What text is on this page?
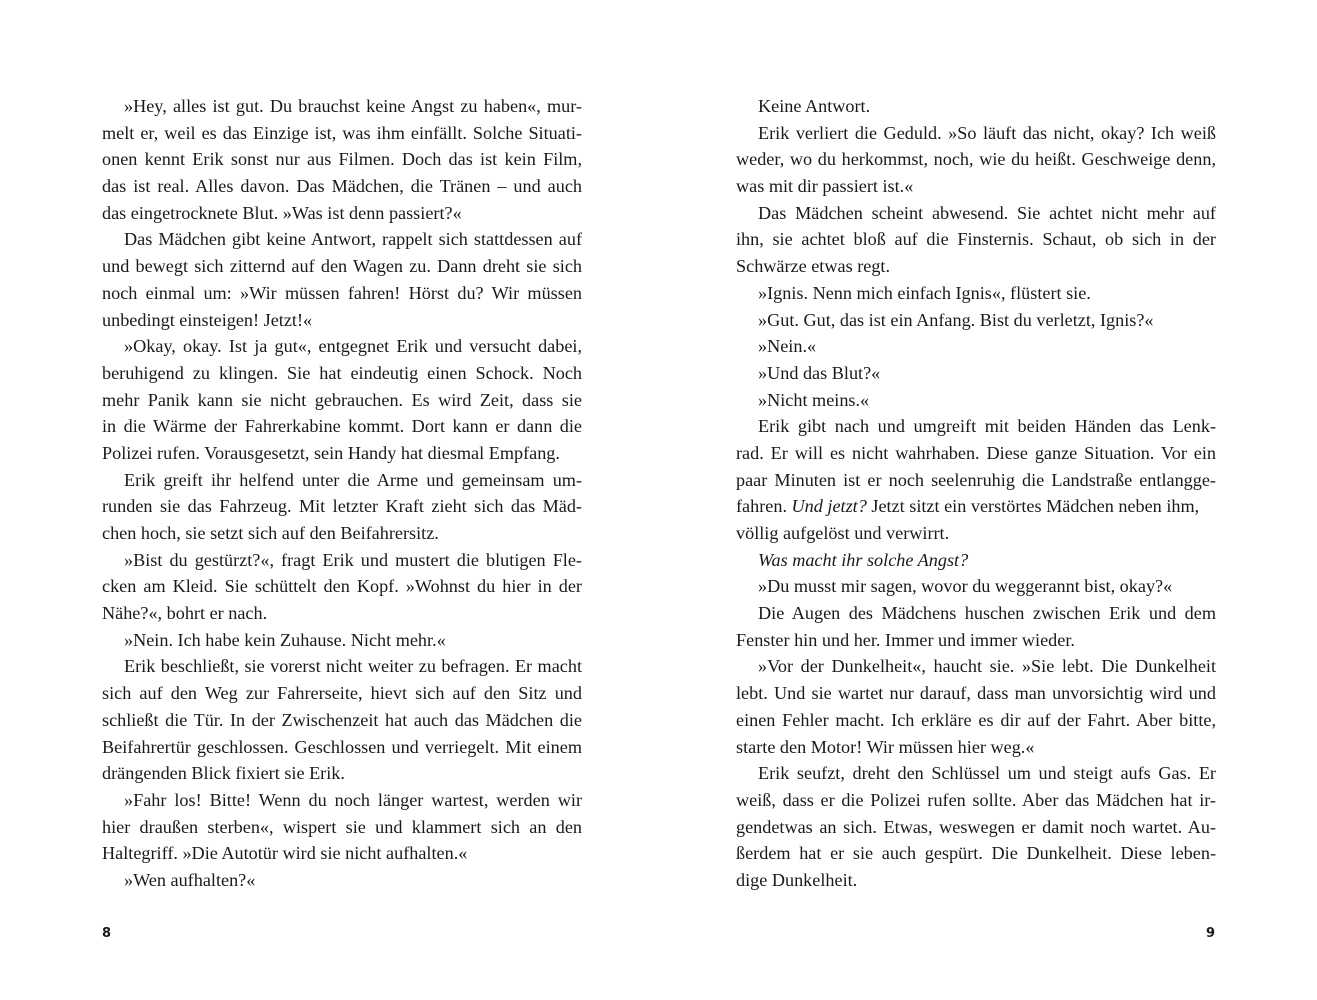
»Hey, alles ist gut. Du brauchst keine Angst zu haben«, mur-
melt er, weil es das Einzige ist, was ihm einfällt. Solche Situati-
onen kennt Erik sonst nur aus Filmen. Doch das ist kein Film,
das ist real. Alles davon. Das Mädchen, die Tränen – und auch
das eingetrocknete Blut. »Was ist denn passiert?«
Das Mädchen gibt keine Antwort, rappelt sich stattdessen auf
und bewegt sich zitternd auf den Wagen zu. Dann dreht sie sich
noch einmal um: »Wir müssen fahren! Hörst du? Wir müssen
unbedingt einsteigen! Jetzt!«
»Okay, okay. Ist ja gut«, entgegnet Erik und versucht dabei,
beruhigend zu klingen. Sie hat eindeutig einen Schock. Noch
mehr Panik kann sie nicht gebrauchen. Es wird Zeit, dass sie
in die Wärme der Fahrerkabine kommt. Dort kann er dann die
Polizei rufen. Vorausgesetzt, sein Handy hat diesmal Empfang.
Erik greift ihr helfend unter die Arme und gemeinsam um-
runden sie das Fahrzeug. Mit letzter Kraft zieht sich das Mäd-
chen hoch, sie setzt sich auf den Beifahrersitz.
»Bist du gestürzt?«, fragt Erik und mustert die blutigen Fle-
cken am Kleid. Sie schüttelt den Kopf. »Wohnst du hier in der
Nähe?«, bohrt er nach.
»Nein. Ich habe kein Zuhause. Nicht mehr.«
Erik beschließt, sie vorerst nicht weiter zu befragen. Er macht
sich auf den Weg zur Fahrerseite, hievt sich auf den Sitz und
schließt die Tür. In der Zwischenzeit hat auch das Mädchen die
Beifahrertür geschlossen. Geschlossen und verriegelt. Mit einem
drängenden Blick fixiert sie Erik.
»Fahr los! Bitte! Wenn du noch länger wartest, werden wir
hier draußen sterben«, wispert sie und klammert sich an den
Haltegriff. »Die Autotür wird sie nicht aufhalten.«
»Wen aufhalten?«
Keine Antwort.
Erik verliert die Geduld. »So läuft das nicht, okay? Ich weiß
weder, wo du herkommst, noch, wie du heißt. Geschweige denn,
was mit dir passiert ist.«
Das Mädchen scheint abwesend. Sie achtet nicht mehr auf
ihn, sie achtet bloß auf die Finsternis. Schaut, ob sich in der
Schwärze etwas regt.
»Ignis. Nenn mich einfach Ignis«, flüstert sie.
»Gut. Gut, das ist ein Anfang. Bist du verletzt, Ignis?«
»Nein.«
»Und das Blut?«
»Nicht meins.«
Erik gibt nach und umgreift mit beiden Händen das Lenk-
rad. Er will es nicht wahrhaben. Diese ganze Situation. Vor ein
paar Minuten ist er noch seelenruhig die Landstraße entlangge-
fahren. Und jetzt? Jetzt sitzt ein verstörtes Mädchen neben ihm,
völlig aufgelöst und verwirrt.
Was macht ihr solche Angst?
»Du musst mir sagen, wovor du weggerannt bist, okay?«
Die Augen des Mädchens huschen zwischen Erik und dem
Fenster hin und her. Immer und immer wieder.
»Vor der Dunkelheit«, haucht sie. »Sie lebt. Die Dunkelheit
lebt. Und sie wartet nur darauf, dass man unvorsichtig wird und
einen Fehler macht. Ich erkläre es dir auf der Fahrt. Aber bitte,
starte den Motor! Wir müssen hier weg.«
Erik seufzt, dreht den Schlüssel um und steigt aufs Gas. Er
weiß, dass er die Polizei rufen sollte. Aber das Mädchen hat ir-
gendetwas an sich. Etwas, weswegen er damit noch wartet. Au-
ßerdem hat er sie auch gespürt. Die Dunkelheit. Diese leben-
dige Dunkelheit.
8	9
